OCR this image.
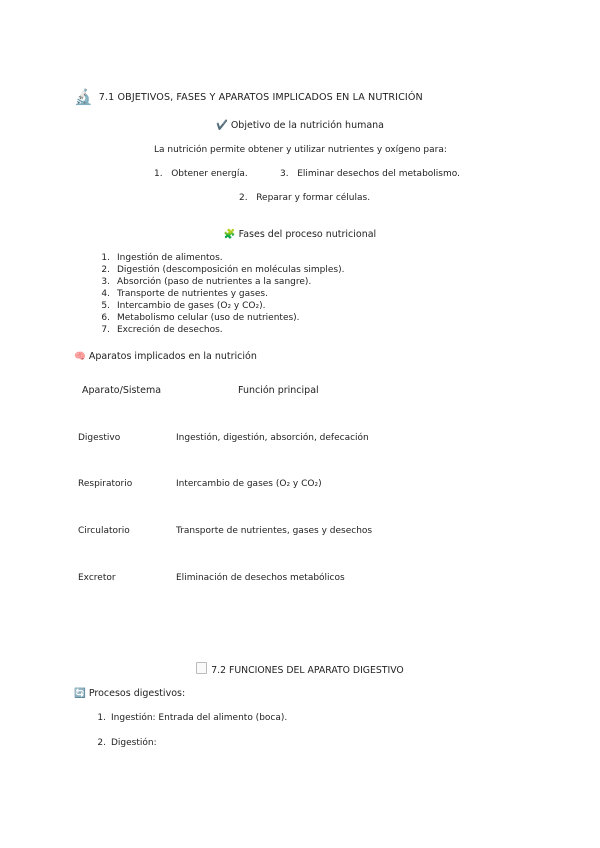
🔬 7.1 OBJETIVOS, FASES Y APARATOS IMPLICADOS EN LA NUTRICIÓN
✔️ Objetivo de la nutrición humana
La nutrición permite obtener y utilizar nutrientes y oxígeno para:
1. Obtener energía.	3. Eliminar desechos del metabolismo.
2. Reparar y formar células.
🧩 Fases del proceso nutricional
1. Ingestión de alimentos.
2. Digestión (descomposición en moléculas simples).
3. Absorción (paso de nutrientes a la sangre).
4. Transporte de nutrientes y gases.
5. Intercambio de gases (O₂ y CO₂).
6. Metabolismo celular (uso de nutrientes).
7. Excreción de desechos.
🧠 Aparatos implicados en la nutrición
Aparato/Sistema	Función principal
Digestivo	Ingestión, digestión, absorción, defecación
Respiratorio	Intercambio de gases (O₂ y CO₂)
Circulatorio	Transporte de nutrientes, gases y desechos
Excretor	Eliminación de desechos metabólicos
7.2 FUNCIONES DEL APARATO DIGESTIVO
🔄 Procesos digestivos:
1. Ingestión: Entrada del alimento (boca).
2. Digestión:
